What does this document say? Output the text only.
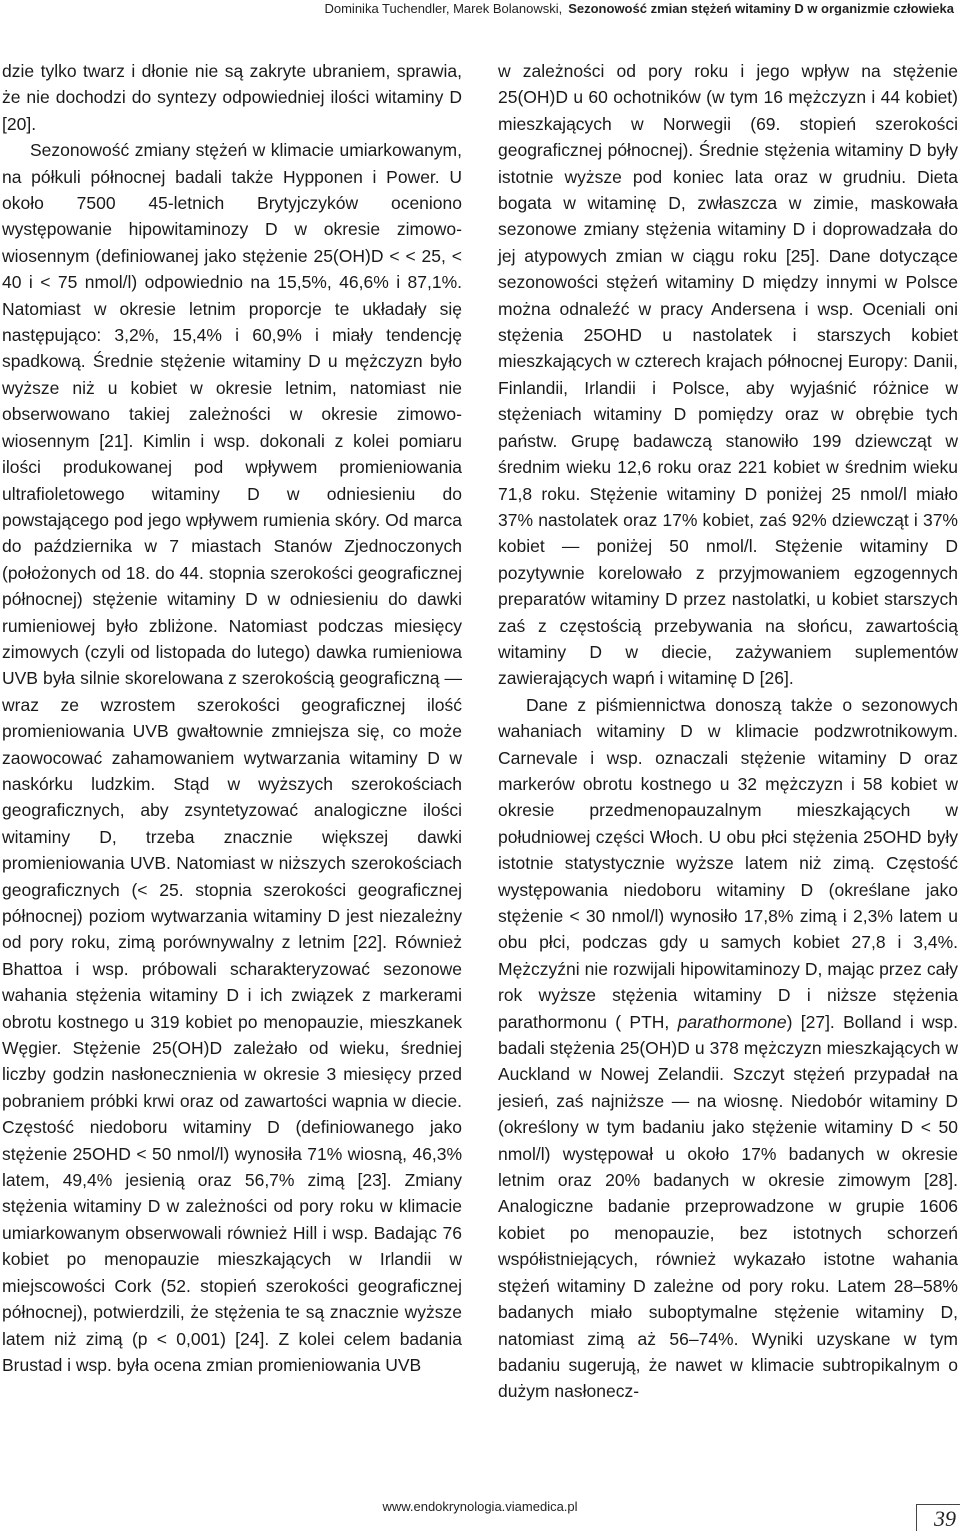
Dominika Tuchendler, Marek Bolanowski, Sezonowość zmian stężeń witaminy D w organizmie człowieka

dzie tylko twarz i dłonie nie są zakryte ubraniem, sprawia, że nie dochodzi do syntezy odpowiedniej ilości witaminy D [20].

Sezonowość zmiany stężeń w klimacie umiarkowanym, na półkuli północnej badali także Hypponen i Power. U około 7500 45-letnich Brytyjczyków oceniono występowanie hipowitaminozy D w okresie zimowo-wiosennym (definiowanej jako stężenie 25(OH)D < < 25, < 40 i < 75 nmol/l) odpowiednio na 15,5%, 46,6% i 87,1%. Natomiast w okresie letnim proporcje te układały się następująco: 3,2%, 15,4% i 60,9% i miały tendencję spadkową. Średnie stężenie witaminy D u mężczyzn było wyższe niż u kobiet w okresie letnim, natomiast nie obserwowano takiej zależności w okresie zimowo-wiosennym [21]. Kimlin i wsp. dokonali z kolei pomiaru ilości produkowanej pod wpływem promieniowania ultrafioletowego witaminy D w odniesieniu do powstającego pod jego wpływem rumienia skóry. Od marca do października w 7 miastach Stanów Zjednoczonych (położonych od 18. do 44. stopnia szerokości geograficznej północnej) stężenie witaminy D w odniesieniu do dawki rumieniowej było zbliżone. Natomiast podczas miesięcy zimowych (czyli od listopada do lutego) dawka rumieniowa UVB była silnie skorelowana z szerokością geograficzną — wraz ze wzrostem szerokości geograficznej ilość promieniowania UVB gwałtownie zmniejsza się, co może zaowocować zahamowaniem wytwarzania witaminy D w naskórku ludzkim. Stąd w wyższych szerokościach geograficznych, aby zsyntetyzować analogiczne ilości witaminy D, trzeba znacznie większej dawki promieniowania UVB. Natomiast w niższych szerokościach geograficznych (< 25. stopnia szerokości geograficznej północnej) poziom wytwarzania witaminy D jest niezależny od pory roku, zimą porównywalny z letnim [22]. Również Bhattoa i wsp. próbowali scharakteryzować sezonowe wahania stężenia witaminy D i ich związek z markerami obrotu kostnego u 319 kobiet po menopauzie, mieszkanek Węgier. Stężenie 25(OH)D zależało od wieku, średniej liczby godzin nasłonecznienia w okresie 3 miesięcy przed pobraniem próbki krwi oraz od zawartości wapnia w diecie. Częstość niedoboru witaminy D (definiowanego jako stężenie 25OHD < 50 nmol/l) wynosiła 71% wiosną, 46,3% latem, 49,4% jesienią oraz 56,7% zimą [23]. Zmiany stężenia witaminy D w zależności od pory roku w klimacie umiarkowanym obserwowali również Hill i wsp. Badając 76 kobiet po menopauzie mieszkających w Irlandii w miejscowości Cork (52. stopień szerokości geograficznej północnej), potwierdzili, że stężenia te są znacznie wyższe latem niż zimą (p < 0,001) [24]. Z kolei celem badania Brustad i wsp. była ocena zmian promieniowania UVB

w zależności od pory roku i jego wpływ na stężenie 25(OH)D u 60 ochotników (w tym 16 mężczyzn i 44 kobiet) mieszkających w Norwegii (69. stopień szerokości geograficznej północnej). Średnie stężenia witaminy D były istotnie wyższe pod koniec lata oraz w grudniu. Dieta bogata w witaminę D, zwłaszcza w zimie, maskowała sezonowe zmiany stężenia witaminy D i doprowadzała do jej atypowych zmian w ciągu roku [25]. Dane dotyczące sezonowości stężeń witaminy D między innymi w Polsce można odnaleźć w pracy Andersena i wsp. Oceniali oni stężenia 25OHD u nastolatek i starszych kobiet mieszkających w czterech krajach północnej Europy: Danii, Finlandii, Irlandii i Polsce, aby wyjaśnić różnice w stężeniach witaminy D pomiędzy oraz w obrębie tych państw. Grupę badawczą stanowiło 199 dziewcząt w średnim wieku 12,6 roku oraz 221 kobiet w średnim wieku 71,8 roku. Stężenie witaminy D poniżej 25 nmol/l miało 37% nastolatek oraz 17% kobiet, zaś 92% dziewcząt i 37% kobiet — poniżej 50 nmol/l. Stężenie witaminy D pozytywnie korelowało z przyjmowaniem egzogennych preparatów witaminy D przez nastolatki, u kobiet starszych zaś z częstością przebywania na słońcu, zawartością witaminy D w diecie, zażywaniem suplementów zawierających wapń i witaminę D [26].

Dane z piśmiennictwa donoszą także o sezonowych wahaniach witaminy D w klimacie podzwrotnikowym. Carnevale i wsp. oznaczali stężenie witaminy D oraz markerów obrotu kostnego u 32 mężczyzn i 58 kobiet w okresie przedmenopauzalnym mieszkających w południowej części Włoch. U obu płci stężenia 25OHD były istotnie statystycznie wyższe latem niż zimą. Częstość występowania niedoboru witaminy D (określane jako stężenie < 30 nmol/l) wynosiło 17,8% zimą i 2,3% latem u obu płci, podczas gdy u samych kobiet 27,8 i 3,4%. Mężczyźni nie rozwijali hipowitaminozy D, mając przez cały rok wyższe stężenia witaminy D i niższe stężenia parathormonu ( PTH, parathormone) [27]. Bolland i wsp. badali stężenia 25(OH)D u 378 mężczyzn mieszkających w Auckland w Nowej Zelandii. Szczyt stężeń przypadał na jesień, zaś najniższe — na wiosnę. Niedobór witaminy D (określony w tym badaniu jako stężenie witaminy D < 50 nmol/l) występował u około 17% badanych w okresie letnim oraz 20% badanych w okresie zimowym [28]. Analogiczne badanie przeprowadzone w grupie 1606 kobiet po menopauzie, bez istotnych schorzeń współistniejących, również wykazało istotne wahania stężeń witaminy D zależne od pory roku. Latem 28–58% badanych miało suboptymalne stężenie witaminy D, natomiast zimą aż 56–74%. Wyniki uzyskane w tym badaniu sugerują, że nawet w klimacie subtropikalnym o dużym nasłonecz-

www.endokrynologia.viamedica.pl	39
